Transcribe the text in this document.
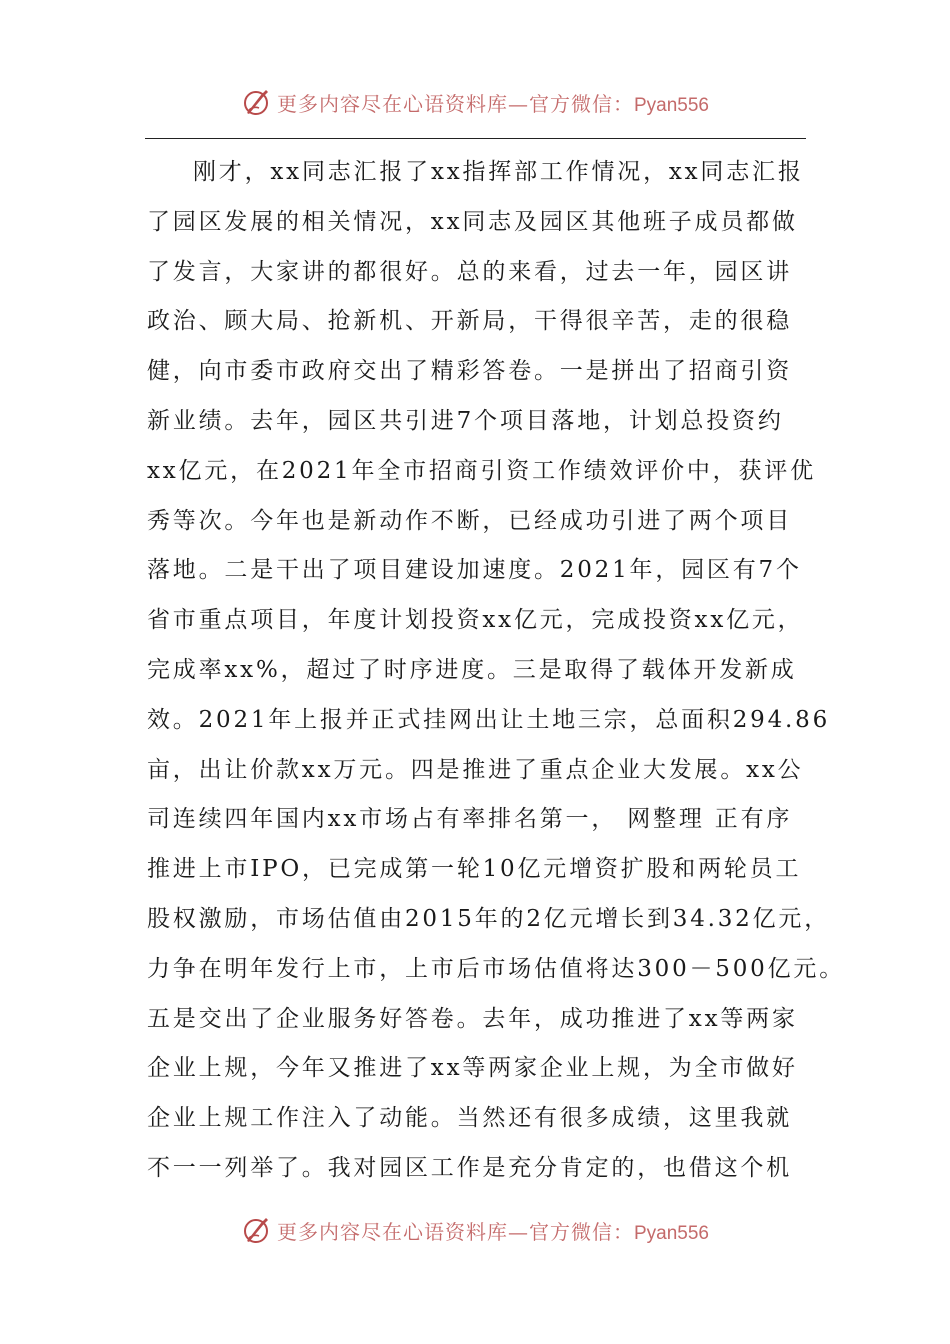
更多内容尽在心语资料库—官方微信：Pyan556
刚才，xx同志汇报了xx指挥部工作情况，xx同志汇报
了园区发展的相关情况，xx同志及园区其他班子成员都做
了发言，大家讲的都很好。总的来看，过去一年，园区讲
政治、顾大局、抢新机、开新局，干得很辛苦，走的很稳
健，向市委市政府交出了精彩答卷。一是拼出了招商引资
新业绩。去年，园区共引进7个项目落地，计划总投资约
xx亿元，在2021年全市招商引资工作绩效评价中，获评优
秀等次。今年也是新动作不断，已经成功引进了两个项目
落地。二是干出了项目建设加速度。2021年，园区有7个
省市重点项目，年度计划投资xx亿元，完成投资xx亿元，
完成率xx%，超过了时序进度。三是取得了载体开发新成
效。2021年上报并正式挂网出让土地三宗，总面积294.86
亩，出让价款xx万元。四是推进了重点企业大发展。xx公
司连续四年国内xx市场占有率排名第一， 网整理 正有序
推进上市IPO，已完成第一轮10亿元增资扩股和两轮员工
股权激励，市场估值由2015年的2亿元增长到34.32亿元，
力争在明年发行上市，上市后市场估值将达300－500亿元。
五是交出了企业服务好答卷。去年，成功推进了xx等两家
企业上规，今年又推进了xx等两家企业上规，为全市做好
企业上规工作注入了动能。当然还有很多成绩，这里我就
不一一列举了。我对园区工作是充分肯定的，也借这个机
更多内容尽在心语资料库—官方微信：Pyan556
